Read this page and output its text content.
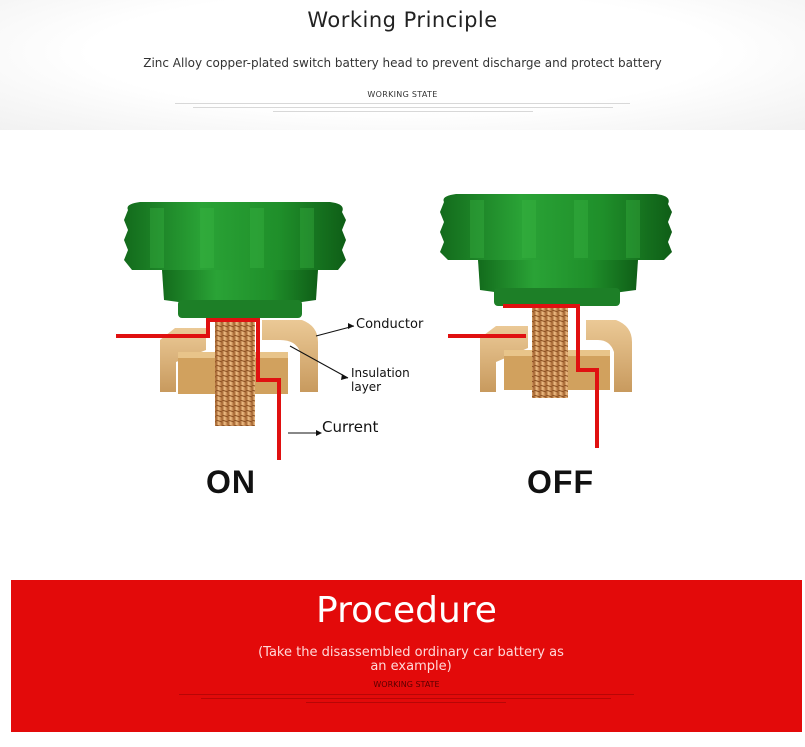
Working Principle
Zinc Alloy copper-plated switch battery head to prevent discharge and protect battery
WORKING STATE
Conductor
Insulation
layer
Current
ON	OFF
Procedure
(Take the disassembled ordinary car battery as an example)
WORKING STATE
